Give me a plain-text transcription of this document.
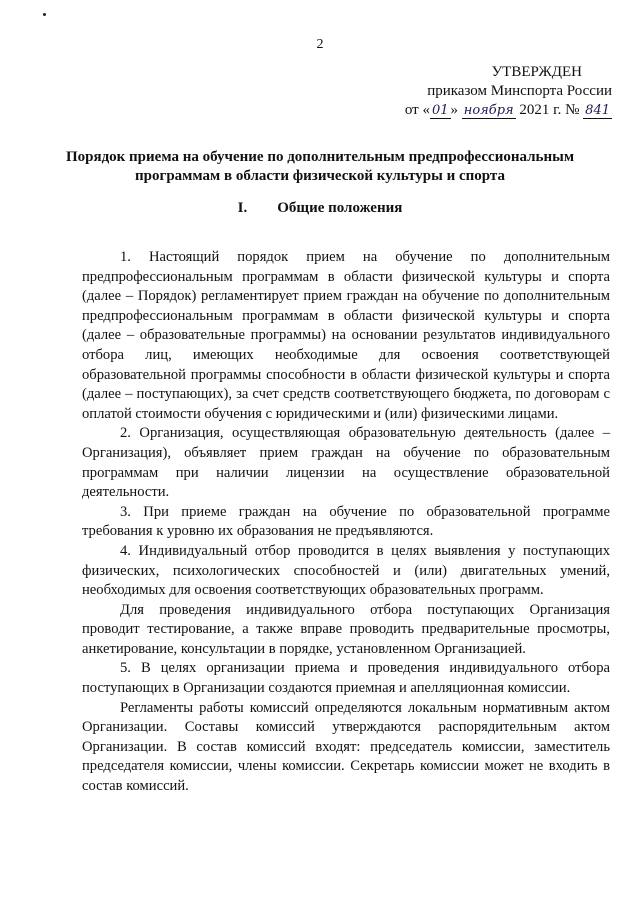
2
УТВЕРЖДЕН
приказом Минспорта России
от « 01 » ноября 2021 г. № 841
Порядок приема на обучение по дополнительным предпрофессиональным программам в области физической культуры и спорта
I. Общие положения

1. Настоящий порядок прием на обучение по дополнительным предпрофессиональным программам в области физической культуры и спорта (далее – Порядок) регламентирует прием граждан на обучение по дополнительным предпрофессиональным программам в области физической культуры и спорта (далее – образовательные программы) на основании результатов индивидуального отбора лиц, имеющих необходимые для освоения соответствующей образовательной программы способности в области физической культуры и спорта (далее – поступающих), за счет средств соответствующего бюджета, по договорам с оплатой стоимости обучения с юридическими и (или) физическими лицами.

2. Организация, осуществляющая образовательную деятельность (далее – Организация), объявляет прием граждан на обучение по образовательным программам при наличии лицензии на осуществление образовательной деятельности.

3. При приеме граждан на обучение по образовательной программе требования к уровню их образования не предъявляются.

4. Индивидуальный отбор проводится в целях выявления у поступающих физических, психологических способностей и (или) двигательных умений, необходимых для освоения соответствующих образовательных программ.

Для проведения индивидуального отбора поступающих Организация проводит тестирование, а также вправе проводить предварительные просмотры, анкетирование, консультации в порядке, установленном Организацией.

5. В целях организации приема и проведения индивидуального отбора поступающих в Организации создаются приемная и апелляционная комиссии.

Регламенты работы комиссий определяются локальным нормативным актом Организации. Составы комиссий утверждаются распорядительным актом Организации. В состав комиссий входят: председатель комиссии, заместитель председателя комиссии, члены комиссии. Секретарь комиссии может не входить в состав комиссий.
